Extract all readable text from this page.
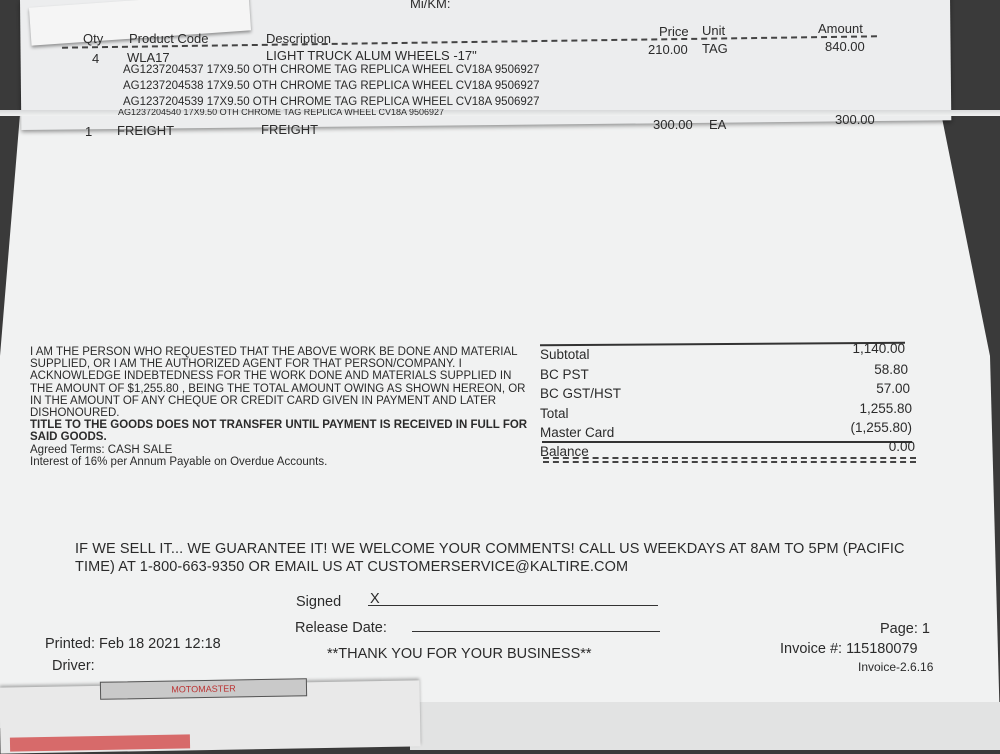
Mi/KM:
Qty Product Code	Description	Price Unit	Amount
4 WLA17	LIGHT TRUCK ALUM WHEELS -17"	210.00 TAG	840.00
AG1237204537 17X9.50 OTH CHROME TAG REPLICA WHEEL CV18A 9506927
AG1237204538 17X9.50 OTH CHROME TAG REPLICA WHEEL CV18A 9506927
AG1237204539 17X9.50 OTH CHROME TAG REPLICA WHEEL CV18A 9506927
AG1237204540 17X9.50 OTH CHROME TAG REPLICA WHEEL CV18A 9506927
1 FREIGHT	FREIGHT	300.00 EA	300.00
I AM THE PERSON WHO REQUESTED THAT THE ABOVE WORK BE DONE AND MATERIAL SUPPLIED, OR I AM THE AUTHORIZED AGENT FOR THAT PERSON/COMPANY. I ACKNOWLEDGE INDEBTEDNESS FOR THE WORK DONE AND MATERIALS SUPPLIED IN THE AMOUNT OF $1,255.80 , BEING THE TOTAL AMOUNT OWING AS SHOWN HEREON, OR IN THE AMOUNT OF ANY CHEQUE OR CREDIT CARD GIVEN IN PAYMENT AND LATER DISHONOURED.
TITLE TO THE GOODS DOES NOT TRANSFER UNTIL PAYMENT IS RECEIVED IN FULL FOR SAID GOODS.
Agreed Terms: CASH SALE
Interest of 16% per Annum Payable on Overdue Accounts.
Subtotal	1,140.00
BC PST	58.80
BC GST/HST	57.00
Total	1,255.80
Master Card	(1,255.80)
Balance	0.00
IF WE SELL IT... WE GUARANTEE IT! WE WELCOME YOUR COMMENTS! CALL US WEEKDAYS AT 8AM TO 5PM (PACIFIC TIME) AT 1-800-663-9350 OR EMAIL US AT CUSTOMERSERVICE@KALTIRE.COM
Signed X
Release Date:
Printed: Feb 18 2021 12:18
Driver:
**THANK YOU FOR YOUR BUSINESS**
Page: 1
Invoice #: 115180079
Invoice-2.6.16
MOTOMASTER
